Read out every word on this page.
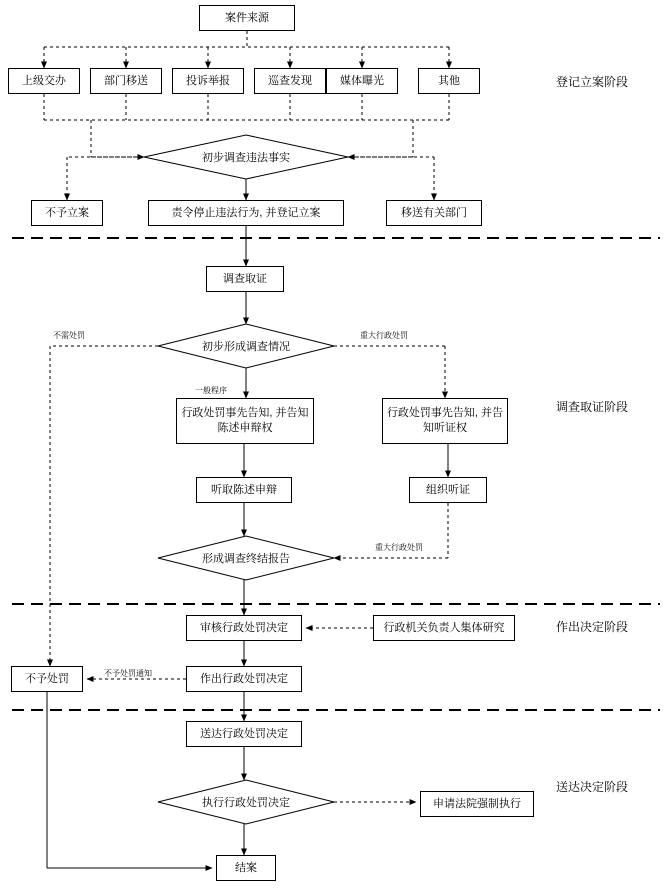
初步调查违法事实
初步形成调查情况
形成调查终结报告
执行行政处罚决定
案件来源
上级交办	部门移送	投诉举报	巡查发现	媒体曝光	其他
不予立案	责令停止违法行为, 并登记立案	移送有关部门
调查取证
行政处罚事先告知, 并告知陈述申辩权
行政处罚事先告知, 并告知听证权
听取陈述申辩	组织听证
审核行政处罚决定	行政机关负责人集体研究
不予处罚	作出行政处罚决定
送达行政处罚决定
申请法院强制执行
结案
登记立案阶段
调查取证阶段
作出决定阶段
送达决定阶段
不需处罚	重大行政处罚
一般程序
重大行政处罚
不予处罚通知
